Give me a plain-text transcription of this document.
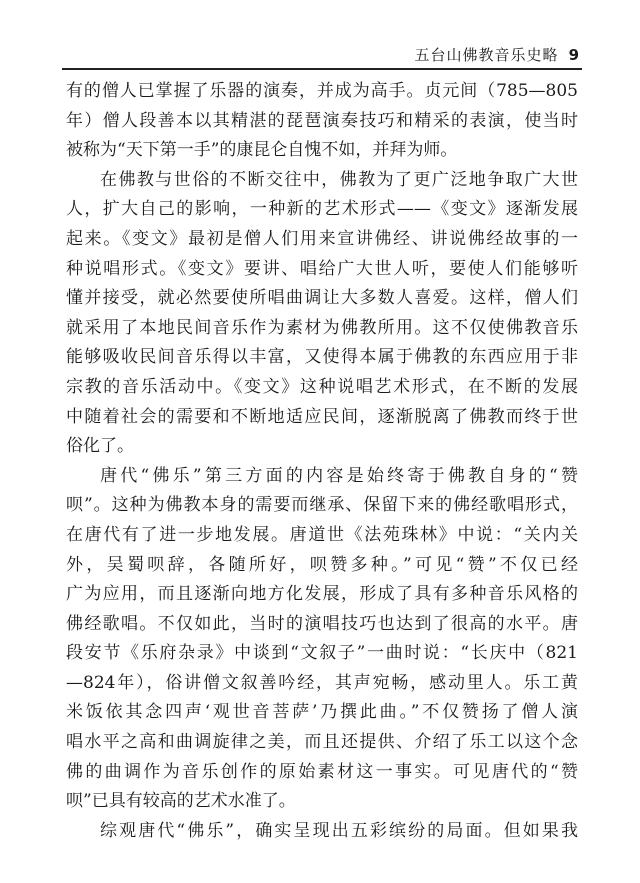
五台山佛教音乐史略 9
有的僧人已掌握了乐器的演奏，并成为高手。贞元间（785—805
年）僧人段善本以其精湛的琵琶演奏技巧和精采的表演，使当时
被称为“天下第一手”的康昆仑自愧不如，并拜为师。
在佛教与世俗的不断交往中，佛教为了更广泛地争取广大世
人，扩大自己的影响，一种新的艺术形式——《变文》逐渐发展
起来。《变文》最初是僧人们用来宣讲佛经、讲说佛经故事的一
种说唱形式。《变文》要讲、唱给广大世人听，要使人们能够听
懂并接受，就必然要使所唱曲调让大多数人喜爱。这样，僧人们
就采用了本地民间音乐作为素材为佛教所用。这不仅使佛教音乐
能够吸收民间音乐得以丰富，又使得本属于佛教的东西应用于非
宗教的音乐活动中。《变文》这种说唱艺术形式，在不断的发展
中随着社会的需要和不断地适应民间，逐渐脱离了佛教而终于世
俗化了。
唐代“佛乐”第三方面的内容是始终寄于佛教自身的“赞
呗”。这种为佛教本身的需要而继承、保留下来的佛经歌唱形式，
在唐代有了进一步地发展。唐道世《法苑珠林》中说：“关内关
外，吴蜀呗辞，各随所好，呗赞多种。”可见“赞”不仅已经
广为应用，而且逐渐向地方化发展，形成了具有多种音乐风格的
佛经歌唱。不仅如此，当时的演唱技巧也达到了很高的水平。唐
段安节《乐府杂录》中谈到“文叙子”一曲时说：“长庆中（821
—824年），俗讲僧文叙善吟经，其声宛畅，感动里人。乐工黄
米饭依其念四声‘观世音菩萨’乃撰此曲。”不仅赞扬了僧人演
唱水平之高和曲调旋律之美，而且还提供、介绍了乐工以这个念
佛的曲调作为音乐创作的原始素材这一事实。可见唐代的“赞
呗”已具有较高的艺术水准了。
综观唐代“佛乐”，确实呈现出五彩缤纷的局面。但如果我
